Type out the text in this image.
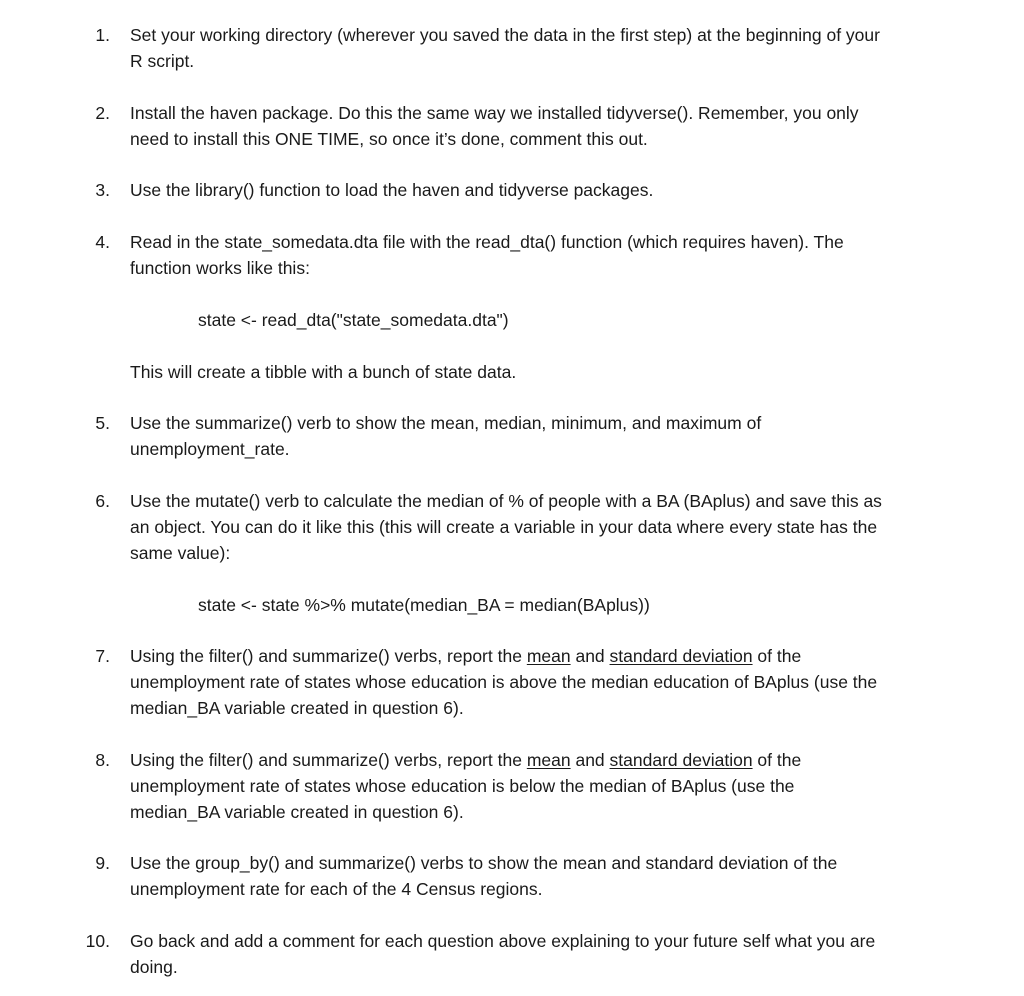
1. Set your working directory (wherever you saved the data in the first step) at the beginning of your
R script.
2. Install the haven package. Do this the same way we installed tidyverse(). Remember, you only
need to install this ONE TIME, so once it’s done, comment this out.
3. Use the library() function to load the haven and tidyverse packages.
4. Read in the state_somedata.dta file with the read_dta() function (which requires haven). The
function works like this:
state <- read_dta("state_somedata.dta")
This will create a tibble with a bunch of state data.
5. Use the summarize() verb to show the mean, median, minimum, and maximum of
unemployment_rate.
6. Use the mutate() verb to calculate the median of % of people with a BA (BAplus) and save this as
an object. You can do it like this (this will create a variable in your data where every state has the
same value):
state <- state %>% mutate(median_BA = median(BAplus))
7. Using the filter() and summarize() verbs, report the mean and standard deviation of the
unemployment rate of states whose education is above the median education of BAplus (use the
median_BA variable created in question 6).
8. Using the filter() and summarize() verbs, report the mean and standard deviation of the
unemployment rate of states whose education is below the median of BAplus (use the
median_BA variable created in question 6).
9. Use the group_by() and summarize() verbs to show the mean and standard deviation of the
unemployment rate for each of the 4 Census regions.
10. Go back and add a comment for each question above explaining to your future self what you are
doing.
